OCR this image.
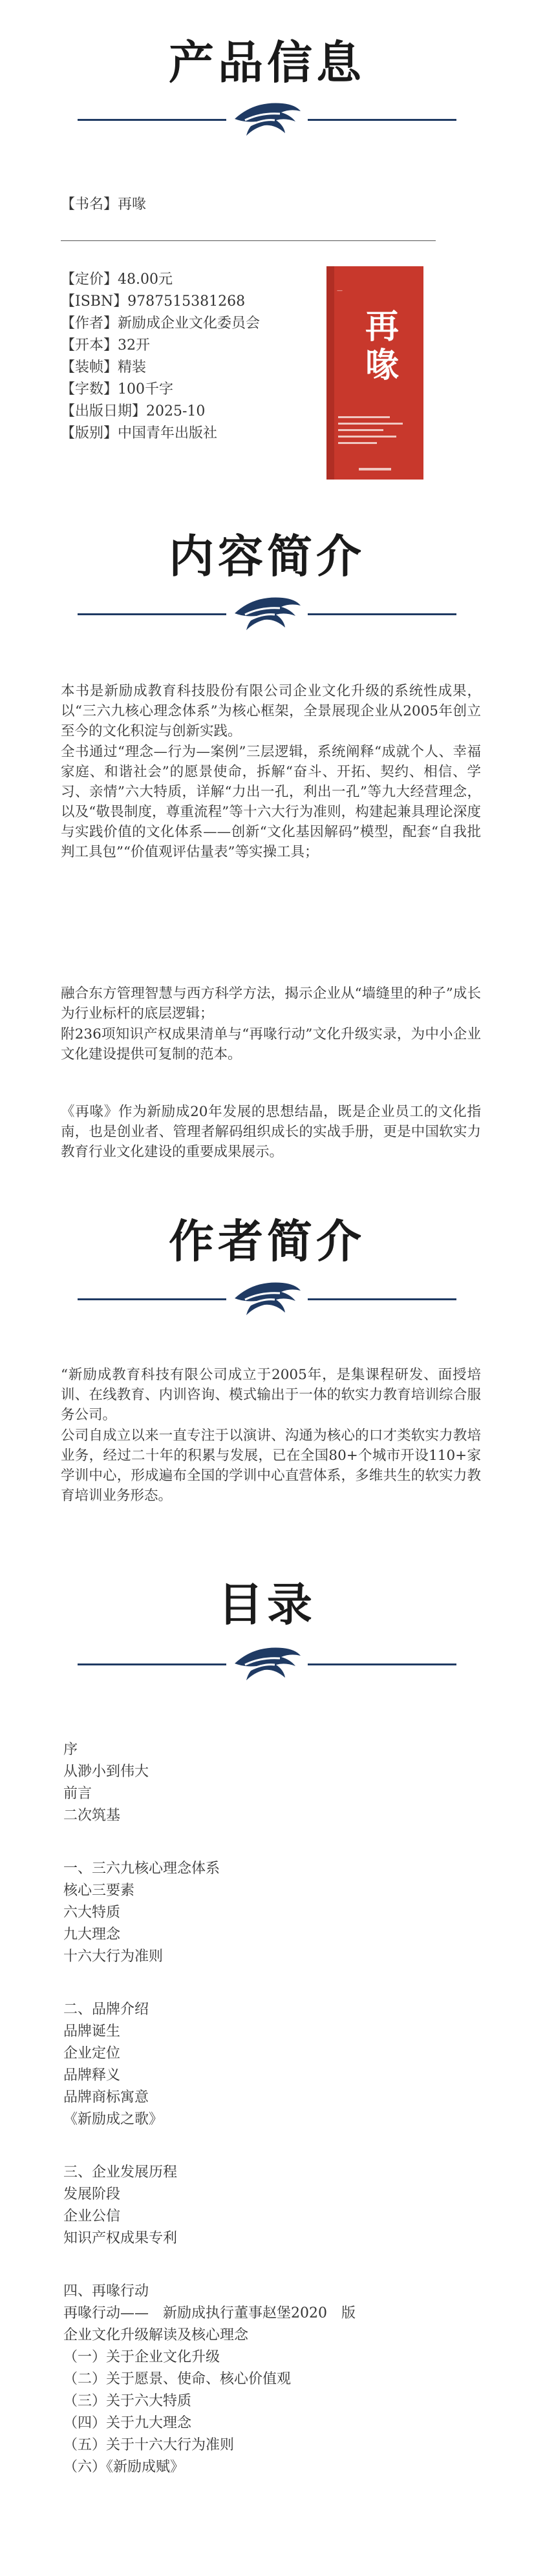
产品信息
【书名】再喙
【定价】48.00元
【ISBN】9787515381268
【作者】新励成企业文化委员会
【开本】32开
【装帧】精装
【字数】100千字
【出版日期】2025-10
【版别】中国青年出版社
—
再
喙
内容简介
本书是新励成教育科技股份有限公司企业文化升级的系统性成果，以“三六九核心理念体系”为核心框架，全景展现企业从2005年创立至今的文化积淀与创新实践。
全书通过“理念—行为—案例”三层逻辑，系统阐释“成就个人、幸福家庭、和谐社会”的愿景使命，拆解“奋斗、开拓、契约、相信、学习、亲情”六大特质，详解“力出一孔，利出一孔”等九大经营理念，以及“敬畏制度，尊重流程”等十六大行为准则，构建起兼具理论深度与实践价值的文化体系——创新“文化基因解码”模型，配套“自我批判工具包”“价值观评估量表”等实操工具；
融合东方管理智慧与西方科学方法，揭示企业从“墙缝里的种子”成长为行业标杆的底层逻辑；
附236项知识产权成果清单与“再喙行动”文化升级实录，为中小企业文化建设提供可复制的范本。
《再喙》作为新励成20年发展的思想结晶，既是企业员工的文化指南，也是创业者、管理者解码组织成长的实战手册，更是中国软实力教育行业文化建设的重要成果展示。
作者简介
“新励成教育科技有限公司成立于2005年，是集课程研发、面授培训、在线教育、内训咨询、模式输出于一体的软实力教育培训综合服务公司。
公司自成立以来一直专注于以演讲、沟通为核心的口才类软实力教培业务，经过二十年的积累与发展，已在全国80+个城市开设110+家学训中心，形成遍布全国的学训中心直营体系，多维共生的软实力教育培训业务形态。
目录
序
从渺小到伟大
前言
二次筑基
一、三六九核心理念体系
核心三要素
六大特质
九大理念
十六大行为准则
二、品牌介绍
品牌诞生
企业定位
品牌释义
品牌商标寓意
《新励成之歌》
三、企业发展历程
发展阶段
企业公信
知识产权成果专利
四、再喙行动
再喙行动——　新励成执行董事赵堡2020　版
企业文化升级解读及核心理念
（一）关于企业文化升级
（二）关于愿景、使命、核心价值观
（三）关于六大特质
（四）关于九大理念
（五）关于十六大行为准则
（六）《新励成赋》
